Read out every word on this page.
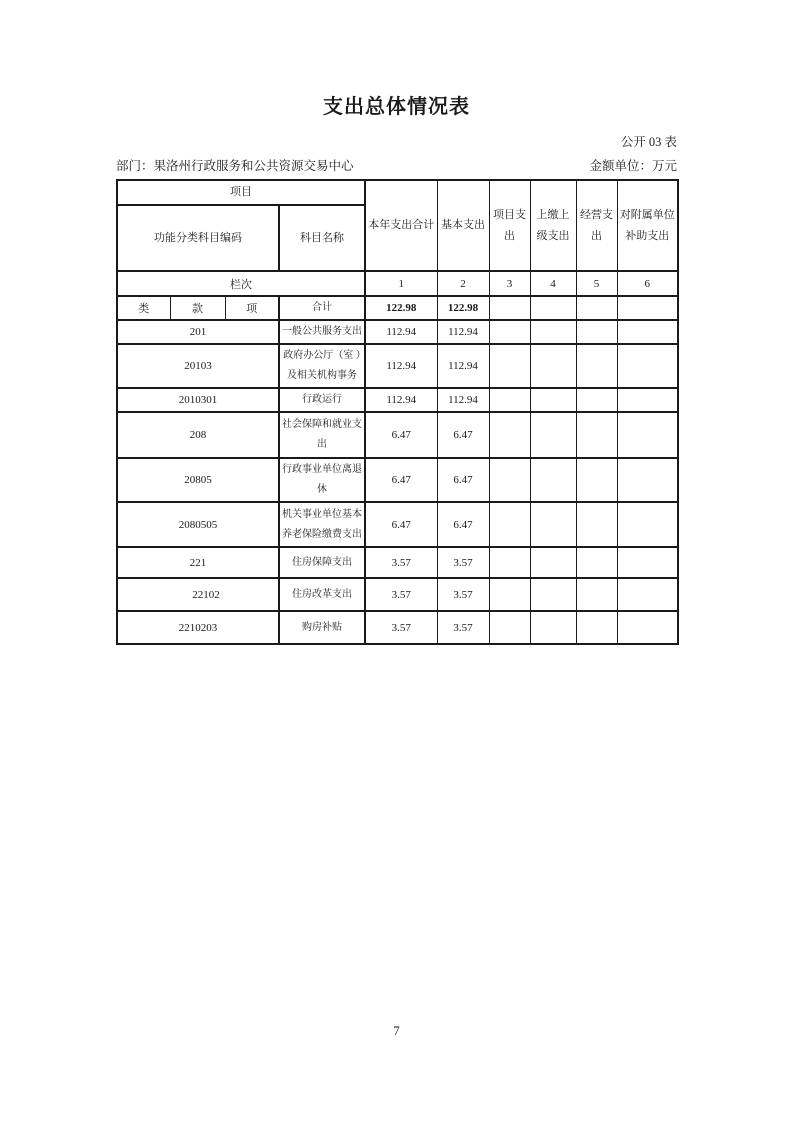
支出总体情况表
公开 03 表
部门：果洛州行政服务和公共资源交易中心	金额单位：万元
项目				本年支出合计	基本支出	项目支出	上缴上级支出	经营支出	对附属单位补助支出
功能分类科目编码			科目名称						
栏次				1	2	3	4	5	6
类	款	项	合计	122.98	122.98				
201			一般公共服务支出	112.94	112.94				
20103			政府办公厅（室 ）及相关机构事务	112.94	112.94				
2010301			行政运行	112.94	112.94				
208			社会保障和就业支出	6.47	6.47				
20805			行政事业单位离退休	6.47	6.47				
2080505			机关事业单位基本养老保险缴费支出	6.47	6.47				
221			住房保障支出	3.57	3.57				
22102			住房改革支出	3.57	3.57				
2210203			购房补贴	3.57	3.57				
7
